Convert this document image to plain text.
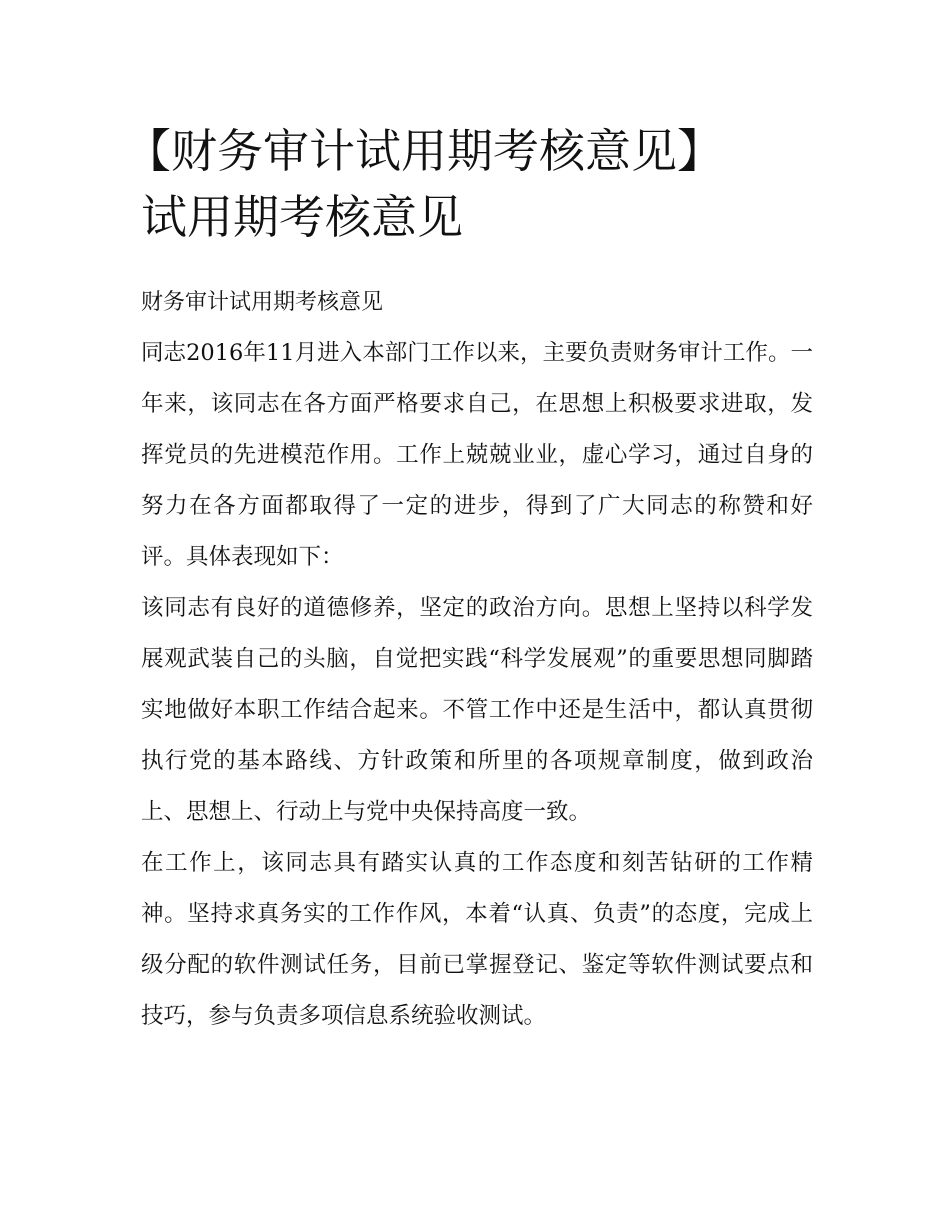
【财务审计试用期考核意见】
试用期考核意见

财务审计试用期考核意见

同志2016年11月进入本部门工作以来，主要负责财务审计工作。一年来，该同志在各方面严格要求自己，在思想上积极要求进取，发挥党员的先进模范作用。工作上兢兢业业，虚心学习，通过自身的努力在各方面都取得了一定的进步，得到了广大同志的称赞和好评。具体表现如下：

该同志有良好的道德修养，坚定的政治方向。思想上坚持以科学发展观武装自己的头脑，自觉把实践“科学发展观”的重要思想同脚踏实地做好本职工作结合起来。不管工作中还是生活中，都认真贯彻执行党的基本路线、方针政策和所里的各项规章制度，做到政治上、思想上、行动上与党中央保持高度一致。

在工作上，该同志具有踏实认真的工作态度和刻苦钻研的工作精神。坚持求真务实的工作作风，本着“认真、负责”的态度，完成上级分配的软件测试任务，目前已掌握登记、鉴定等软件测试要点和技巧，参与负责多项信息系统验收测试。
